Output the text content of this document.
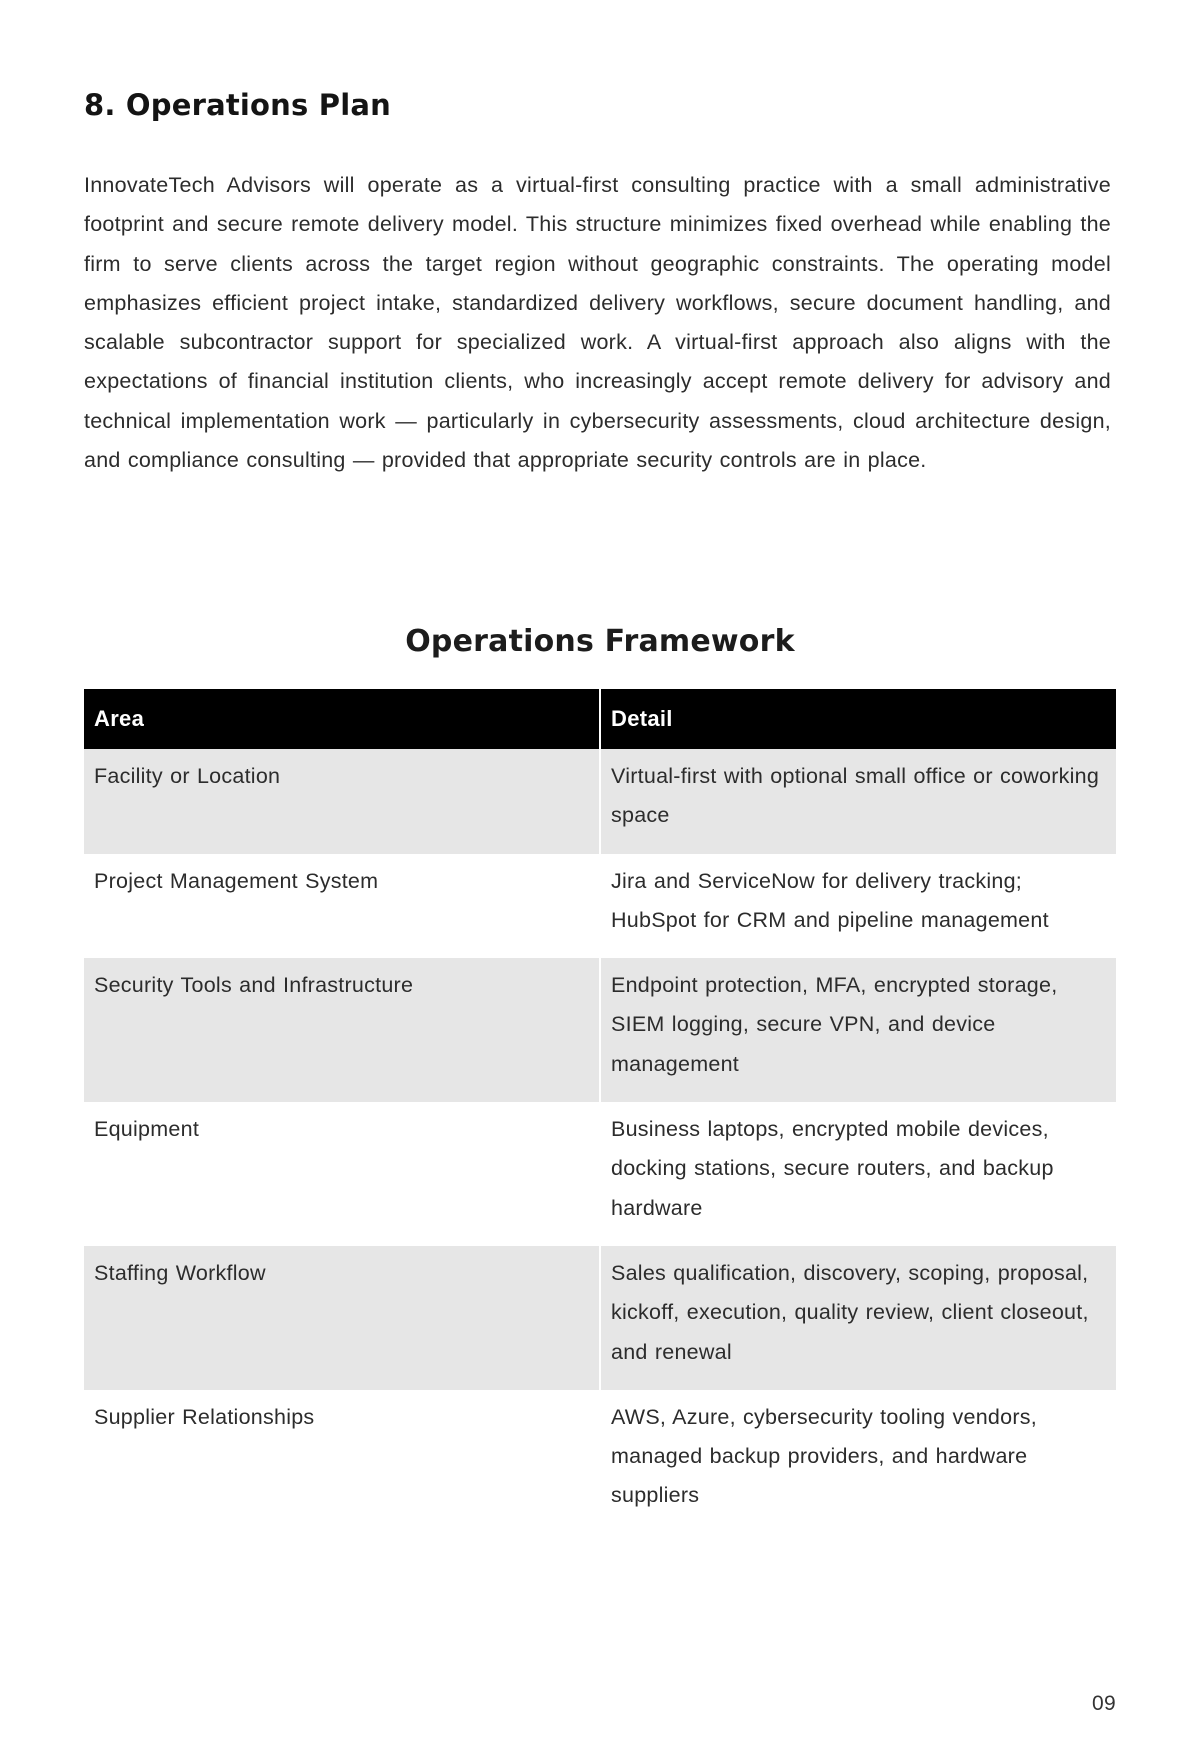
8. Operations Plan

InnovateTech Advisors will operate as a virtual-first consulting practice with a small administrative footprint and secure remote delivery model. This structure minimizes fixed overhead while enabling the firm to serve clients across the target region without geographic constraints. The operating model emphasizes efficient project intake, standardized delivery workflows, secure document handling, and scalable subcontractor support for specialized work. A virtual-first approach also aligns with the expectations of financial institution clients, who increasingly accept remote delivery for advisory and technical implementation work — particularly in cybersecurity assessments, cloud architecture design, and compliance consulting — provided that appropriate security controls are in place.

Operations Framework
Area	Detail
Facility or Location	Virtual-first with optional small office or coworking space
Project Management System	Jira and ServiceNow for delivery tracking; HubSpot for CRM and pipeline management
Security Tools and Infrastructure	Endpoint protection, MFA, encrypted storage, SIEM logging, secure VPN, and device management
Equipment	Business laptops, encrypted mobile devices, docking stations, secure routers, and backup hardware
Staffing Workflow	Sales qualification, discovery, scoping, proposal, kickoff, execution, quality review, client closeout, and renewal
Supplier Relationships	AWS, Azure, cybersecurity tooling vendors, managed backup providers, and hardware suppliers
09
